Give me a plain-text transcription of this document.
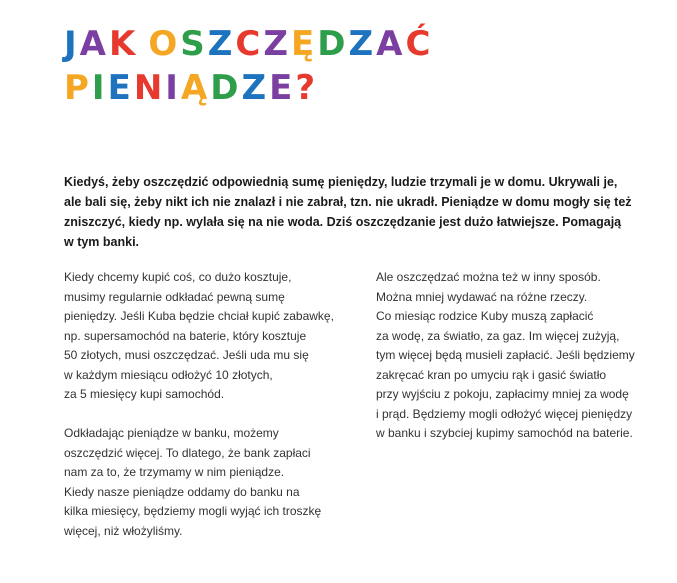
JAK OSZCZĘDZAĆ
PIENIĄDZE?
Kiedyś, żeby oszczędzić odpowiednią sumę pieniędzy, ludzie trzymali je w domu. Ukrywali je,
ale bali się, żeby nikt ich nie znalazł i nie zabrał, tzn. nie ukradł. Pieniądze w domu mogły się też
zniszczyć, kiedy np. wylała się na nie woda. Dziś oszczędzanie jest dużo łatwiejsze. Pomagają
w tym banki.

Kiedy chcemy kupić coś, co dużo kosztuje,
musimy regularnie odkładać pewną sumę
pieniędzy. Jeśli Kuba będzie chciał kupić zabawkę,
np. supersamochód na baterie, który kosztuje
50 złotych, musi oszczędzać. Jeśli uda mu się
w każdym miesiącu odłożyć 10 złotych,
za 5 miesięcy kupi samochód.

Odkładając pieniądze w banku, możemy
oszczędzić więcej. To dlatego, że bank zapłaci
nam za to, że trzymamy w nim pieniądze.
Kiedy nasze pieniądze oddamy do banku na
kilka miesięcy, będziemy mogli wyjąć ich troszkę
więcej, niż włożyliśmy.

Ale oszczędzać można też w inny sposób.
Można mniej wydawać na różne rzeczy.
Co miesiąc rodzice Kuby muszą zapłacić
za wodę, za światło, za gaz. Im więcej zużyją,
tym więcej będą musieli zapłacić. Jeśli będziemy
zakręcać kran po umyciu rąk i gasić światło
przy wyjściu z pokoju, zapłacimy mniej za wodę
i prąd. Będziemy mogli odłożyć więcej pieniędzy
w banku i szybciej kupimy samochód na baterie.
